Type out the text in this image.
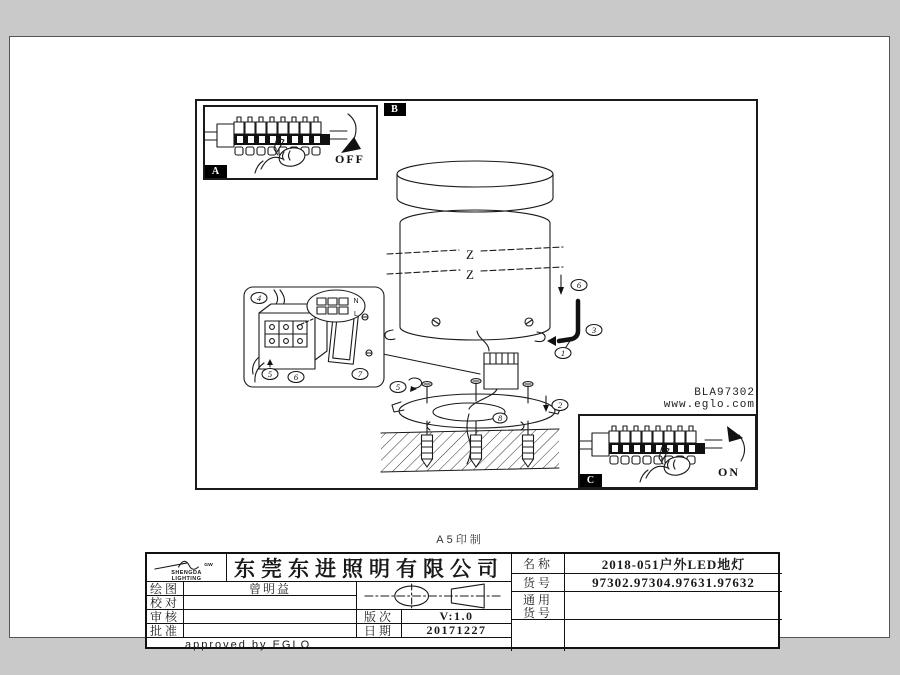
Z
Z
6
3
1
8
5
2
4	N
L
5	6	7
OFF
A
B
ON
C
BLA97302
www.eglo.com
A5印制
GW
SHENGDA
LIGHTING	东莞东进照明有限公司
绘图	曾明益
校对
审核
批准
版次	V:1.0
日期	20171227
approved by EGLO
名称	2018-051户外LED地灯
货号	97302.97304.97631.97632
通用
货号
